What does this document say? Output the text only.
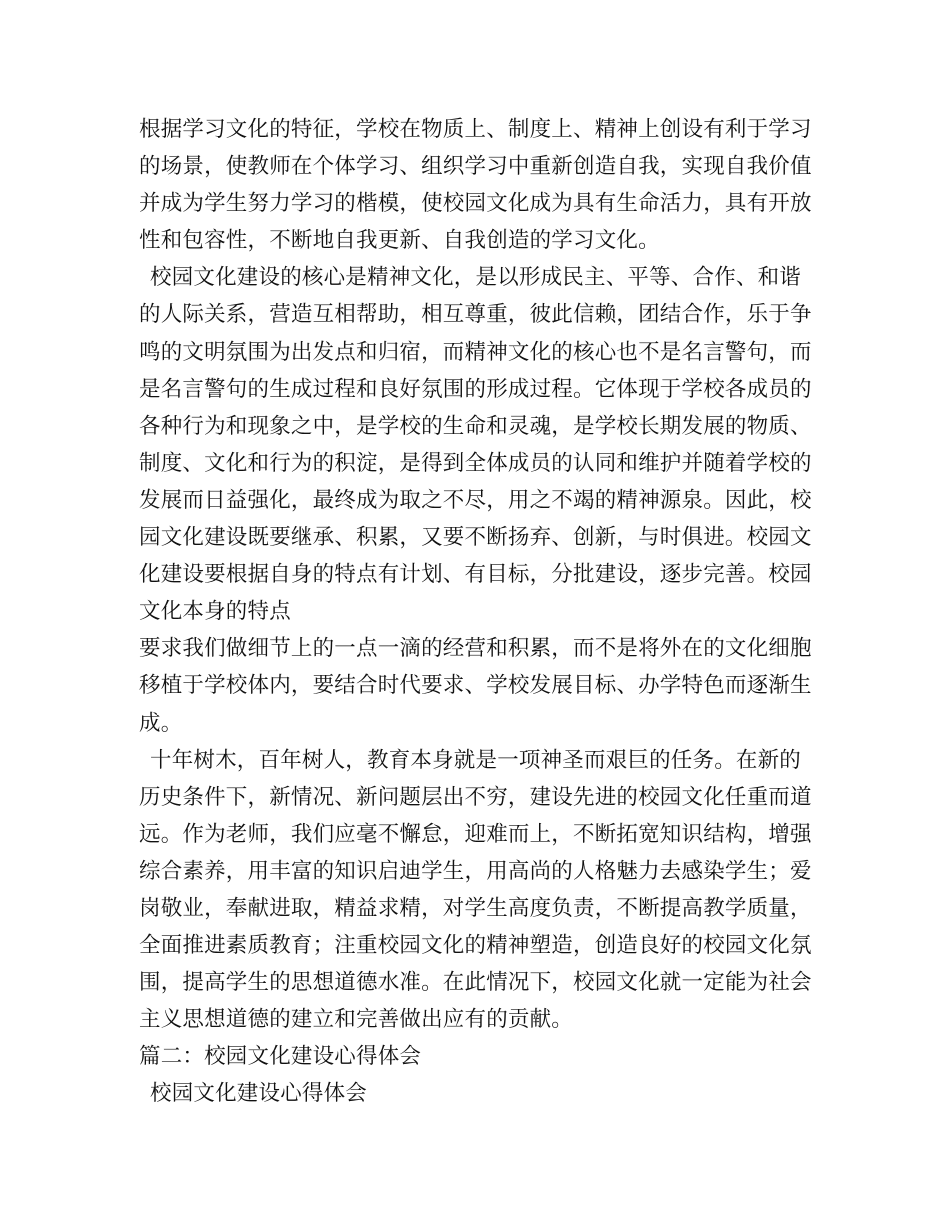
根据学习文化的特征，学校在物质上、制度上、精神上创设有利于学习
的场景，使教师在个体学习、组织学习中重新创造自我，实现自我价值
并成为学生努力学习的楷模，使校园文化成为具有生命活力，具有开放
性和包容性，不断地自我更新、自我创造的学习文化。
校园文化建设的核心是精神文化，是以形成民主、平等、合作、和谐
的人际关系，营造互相帮助，相互尊重，彼此信赖，团结合作，乐于争
鸣的文明氛围为出发点和归宿，而精神文化的核心也不是名言警句，而
是名言警句的生成过程和良好氛围的形成过程。它体现于学校各成员的
各种行为和现象之中，是学校的生命和灵魂，是学校长期发展的物质、
制度、文化和行为的积淀，是得到全体成员的认同和维护并随着学校的
发展而日益强化，最终成为取之不尽，用之不竭的精神源泉。因此，校
园文化建设既要继承、积累，又要不断扬弃、创新，与时俱进。校园文
化建设要根据自身的特点有计划、有目标，分批建设，逐步完善。校园
文化本身的特点
要求我们做细节上的一点一滴的经营和积累，而不是将外在的文化细胞
移植于学校体内，要结合时代要求、学校发展目标、办学特色而逐渐生
成。
十年树木，百年树人，教育本身就是一项神圣而艰巨的任务。在新的
历史条件下，新情况、新问题层出不穷，建设先进的校园文化任重而道
远。作为老师，我们应毫不懈怠，迎难而上，不断拓宽知识结构，增强
综合素养，用丰富的知识启迪学生，用高尚的人格魅力去感染学生；爱
岗敬业，奉献进取，精益求精，对学生高度负责，不断提高教学质量，
全面推进素质教育；注重校园文化的精神塑造，创造良好的校园文化氛
围，提高学生的思想道德水准。在此情况下，校园文化就一定能为社会
主义思想道德的建立和完善做出应有的贡献。
篇二：校园文化建设心得体会
校园文化建设心得体会
